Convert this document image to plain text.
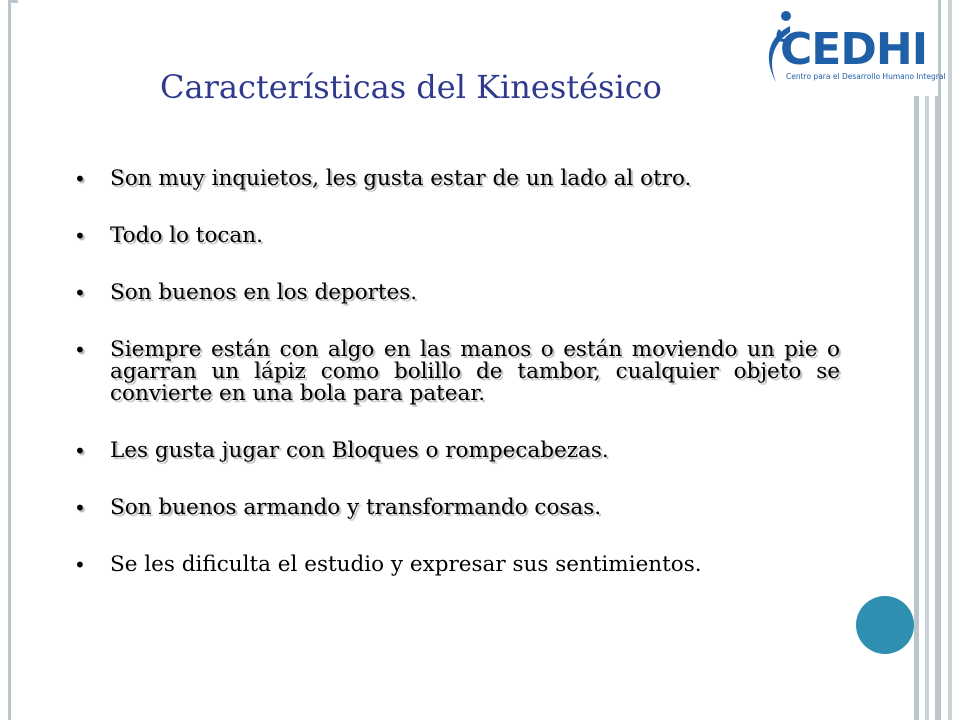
CEDHI
Centro para el Desarrollo Humano Integral
Características del Kinestésico
• Son muy inquietos, les gusta estar de un lado al otro.
• Todo lo tocan.
• Son buenos en los deportes.
• Siempre están con algo en las manos o están moviendo un pie o agarran un lápiz como bolillo de tambor, cualquier objeto se convierte en una bola para patear.
• Les gusta jugar con Bloques o rompecabezas.
• Son buenos armando y transformando cosas.
• Se les dificulta el estudio y expresar sus sentimientos.
